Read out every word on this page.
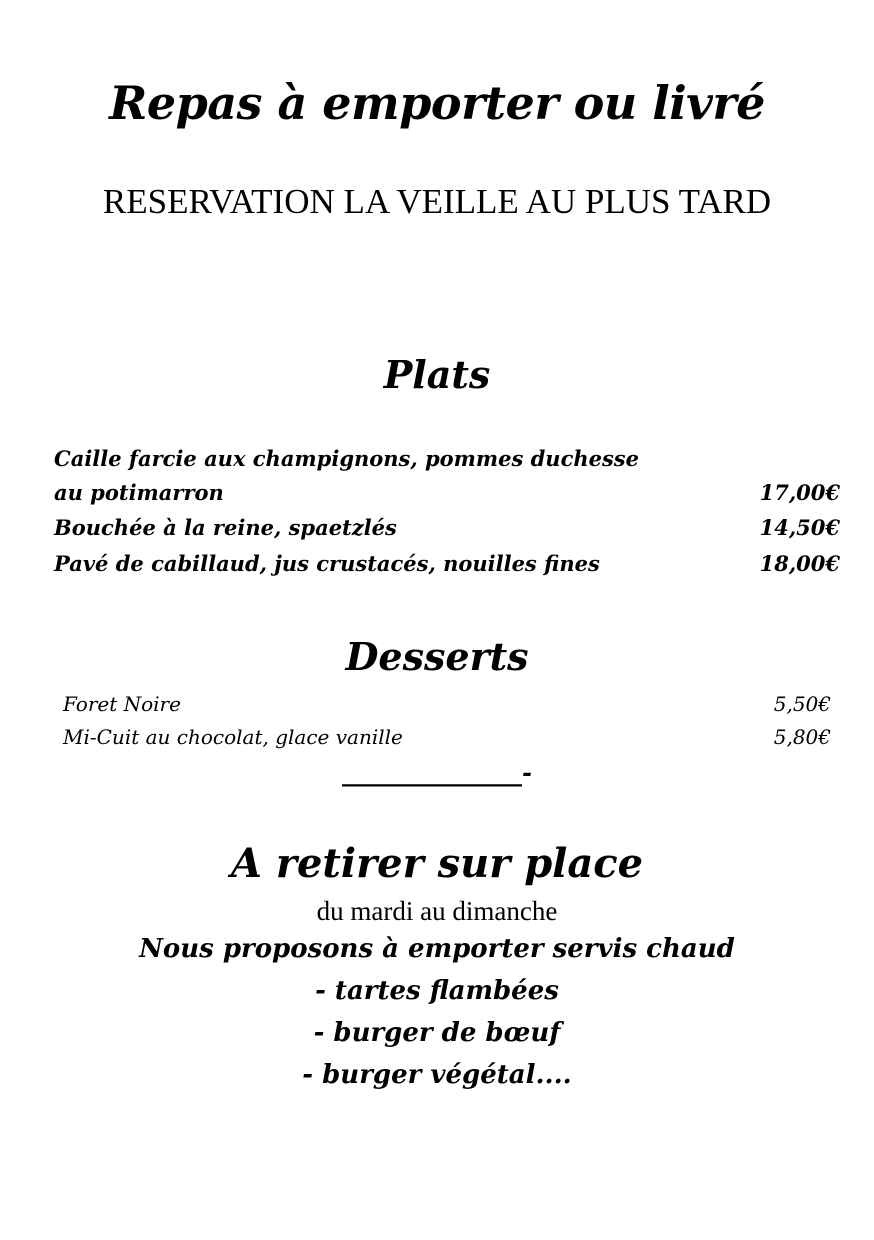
Repas à emporter ou livré
RESERVATION LA VEILLE AU PLUS TARD
Plats
Caille farcie aux champignons, pommes duchesse
au potimarron	17,00€
Bouchée à la reine, spaetzlés	14,50€
Pavé de cabillaud, jus crustacés, nouilles fines	18,00€
Desserts
Foret Noire	5,50€
Mi-Cuit au chocolat, glace vanille	5,80€
_______________-
A retirer sur place
du mardi au dimanche
Nous proposons à emporter servis chaud
- tartes flambées
- burger de bœuf
- burger végétal....
